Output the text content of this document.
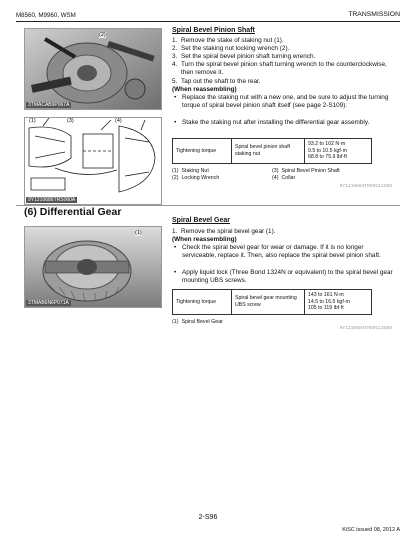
M8560, M9960, WSM	TRANSMISSION
3TMACAB9P067A
(2)
(1)	(3)	(4)
9Y1210686TRS060A
Spiral Bevel Pinion Shaft
1. Remove the stake of staking nut (1).
2. Set the staking nut locking wrench (2).
3. Set the spiral bevel pinion shaft turning wrench.
4. Turn the spiral bevel pinion shaft turning wrench to the counterclockwise, then remove it.
5. Tap out the shaft to the rear.
(When reassembling)
• Replace the staking nut with a new one, and be sure to adjust the turning torque of spiral bevel pinion shaft itself (see page 2-S109).
• Stake the staking nut after installing the differential gear assembly.
Tightening torque	Spiral bevel pinion shaft staking nut	
93.2 to 102 N·m
9.5 to 10.5 kgf·m
68.8 to 75.9 lbf·ft
(1) Staking Nut
(2) Locking Wrench
(3) Spiral Bevel Pinion Shaft
(4) Collar
9Y1210684TRS0112US0
(6) Differential Gear
3TMAB6N6P071A
(1)
Spiral Bevel Gear
1. Remove the spiral bevel gear (1).
(When reassembling)
• Check the spiral bevel gear for wear or damage. If it is no longer serviceable, replace it. Then, also replace the spiral bevel pinion shaft.
• Apply liquid lock (Three Bond 1324N or equivalent) to the spiral bevel gear mounting UBS screws.
Tightening torque	Spiral bevel gear mounting UBS screw	
143 to 161 N·m
14.5 to 16.5 kgf·m
105 to 119 lbf·ft
(1) Spiral Bevel Gear
9Y1210684TRS0113US0
2-S96
KiSC issued 08, 2012 A
